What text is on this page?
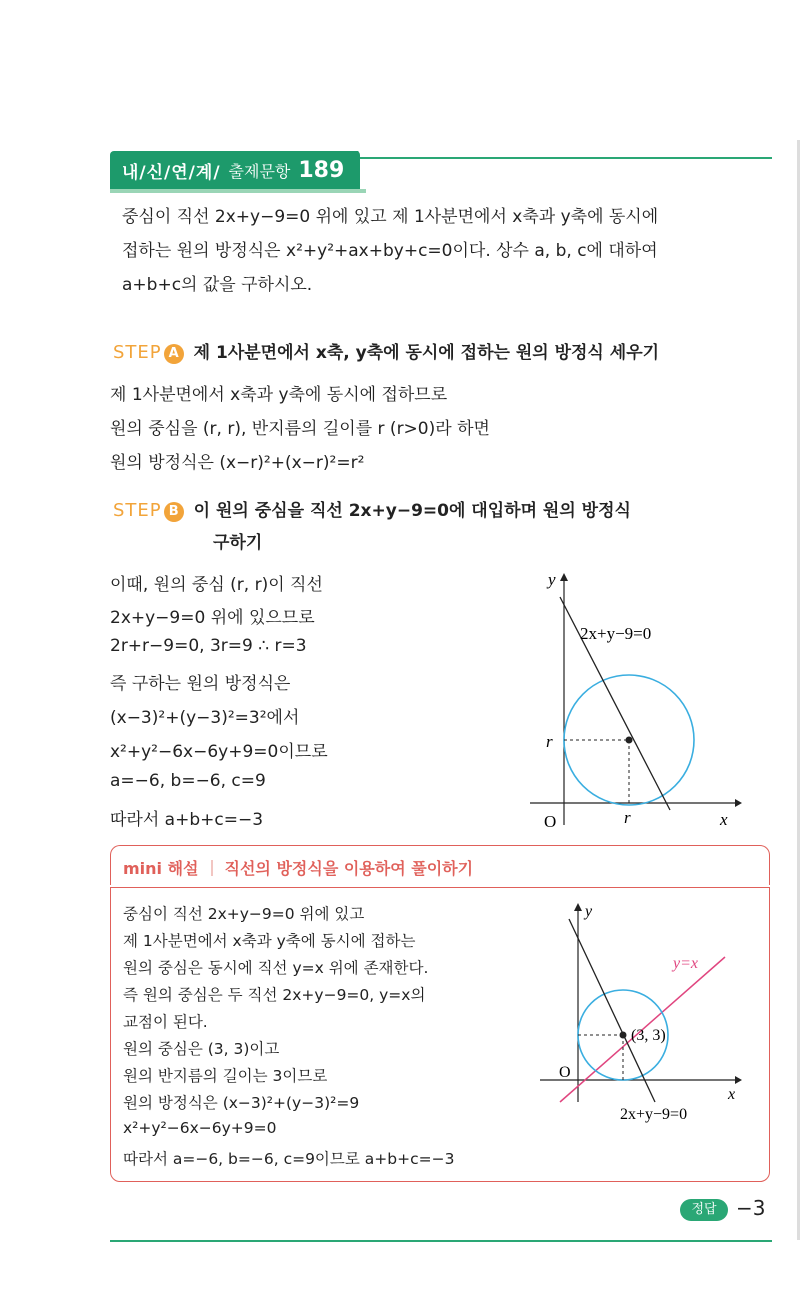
내/신/연/계/ 출제문항 189
중심이 직선 2x+y−9=0 위에 있고 제 1사분면에서 x축과 y축에 동시에
접하는 원의 방정식은 x²+y²+ax+by+c=0이다. 상수 a, b, c에 대하여
a+b+c의 값을 구하시오.
STEP A 제 1사분면에서 x축, y축에 동시에 접하는 원의 방정식 세우기
제 1사분면에서 x축과 y축에 동시에 접하므로
원의 중심을 (r, r), 반지름의 길이를 r (r>0)라 하면
원의 방정식은 (x−r)²+(x−r)²=r²
STEP B 이 원의 중심을 직선 2x+y−9=0에 대입하며 원의 방정식
구하기
이때, 원의 중심 (r, r)이 직선
2x+y−9=0 위에 있으므로
2r+r−9=0, 3r=9 ∴ r=3
즉 구하는 원의 방정식은
(x−3)²+(y−3)²=3²에서
x²+y²−6x−6y+9=0이므로
a=−6, b=−6, c=9
따라서 a+b+c=−3
y
x
O
2x+y−9=0
r
r
mini 해설 직선의 방정식을 이용하여 풀이하기
중심이 직선 2x+y−9=0 위에 있고
제 1사분면에서 x축과 y축에 동시에 접하는
원의 중심은 동시에 직선 y=x 위에 존재한다.
즉 원의 중심은 두 직선 2x+y−9=0, y=x의
교점이 된다.
원의 중심은 (3, 3)이고
원의 반지름의 길이는 3이므로
원의 방정식은 (x−3)²+(y−3)²=9
x²+y²−6x−6y+9=0
따라서 a=−6, b=−6, c=9이므로 a+b+c=−3
y
x
O
y=x
(3, 3)
2x+y−9=0
정답 −3
